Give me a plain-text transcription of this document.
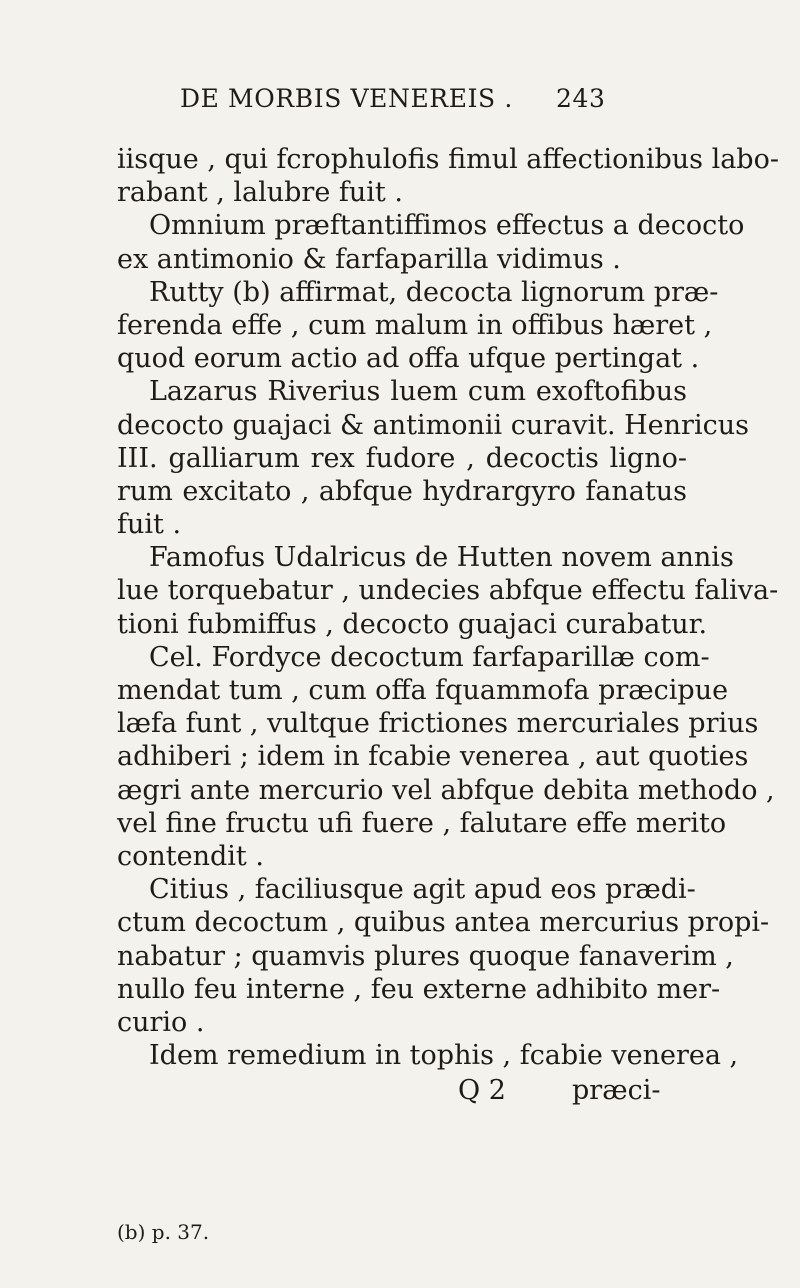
DE MORBIS VENEREIS . 243
iisque , qui fcrophulofis fimul affectionibus labo-
rabant , lalubre fuit .
Omnium præftantiffimos effectus a decocto
ex antimonio & farfaparilla vidimus .
Rutty (b) affirmat, decocta lignorum præ-
ferenda effe , cum malum in offibus hæret ,
quod eorum actio ad offa ufque pertingat .
Lazarus Riverius luem cum exoftofibus
decocto guajaci & antimonii curavit. Henricus
III. galliarum rex fudore , decoctis ligno-
rum excitato , abfque hydrargyro fanatus
fuit .
Famofus Udalricus de Hutten novem annis
lue torquebatur , undecies abfque effectu faliva-
tioni fubmiffus , decocto guajaci curabatur.
Cel. Fordyce decoctum farfaparillæ com-
mendat tum , cum offa fquammofa præcipue
læfa funt , vultque frictiones mercuriales prius
adhiberi ; idem in fcabie venerea , aut quoties
ægri ante mercurio vel abfque debita methodo ,
vel fine fructu ufi fuere , falutare effe merito
contendit .
Citius , faciliusque agit apud eos prædi-
ctum decoctum , quibus antea mercurius propi-
nabatur ; quamvis plures quoque fanaverim ,
nullo feu interne , feu externe adhibito mer-
curio .
Idem remedium in tophis , fcabie venerea ,
Q 2 præci-
(b) p. 37.
